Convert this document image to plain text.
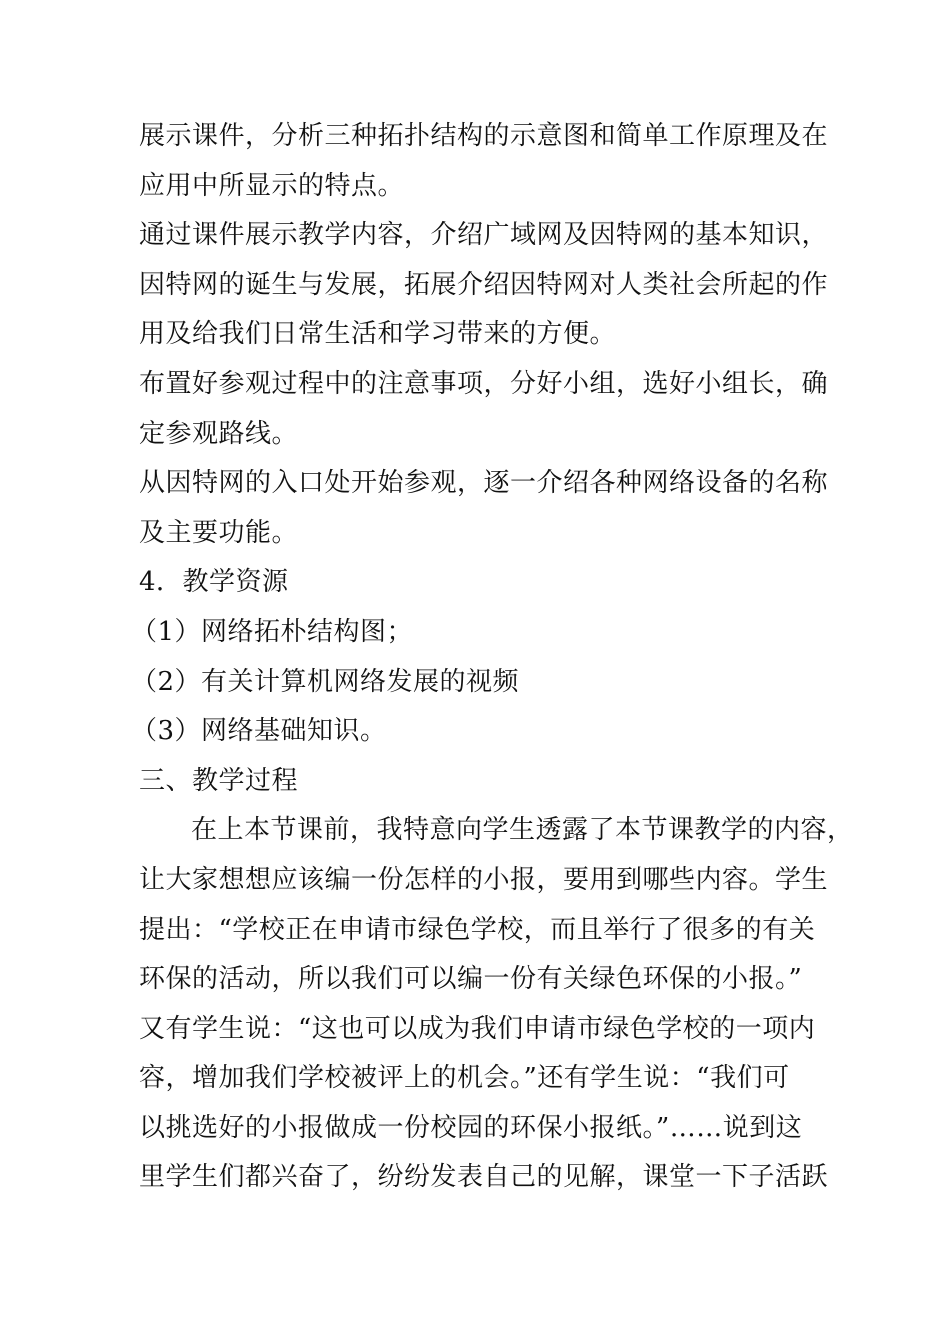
展示课件，分析三种拓扑结构的示意图和简单工作原理及在
应用中所显示的特点。
通过课件展示教学内容，介绍广域网及因特网的基本知识，
因特网的诞生与发展，拓展介绍因特网对人类社会所起的作
用及给我们日常生活和学习带来的方便。
布置好参观过程中的注意事项，分好小组，选好小组长，确
定参观路线。
从因特网的入口处开始参观，逐一介绍各种网络设备的名称
及主要功能。
4．教学资源
（1）网络拓朴结构图；
（2）有关计算机网络发展的视频
（3）网络基础知识。
三、教学过程
在上本节课前，我特意向学生透露了本节课教学的内容，
让大家想想应该编一份怎样的小报，要用到哪些内容。学生
提出：“学校正在申请市绿色学校，而且举行了很多的有关
环保的活动，所以我们可以编一份有关绿色环保的小报。”
又有学生说：“这也可以成为我们申请市绿色学校的一项内
容，增加我们学校被评上的机会。”还有学生说：“我们可
以挑选好的小报做成一份校园的环保小报纸。”……说到这
里学生们都兴奋了，纷纷发表自己的见解，课堂一下子活跃
